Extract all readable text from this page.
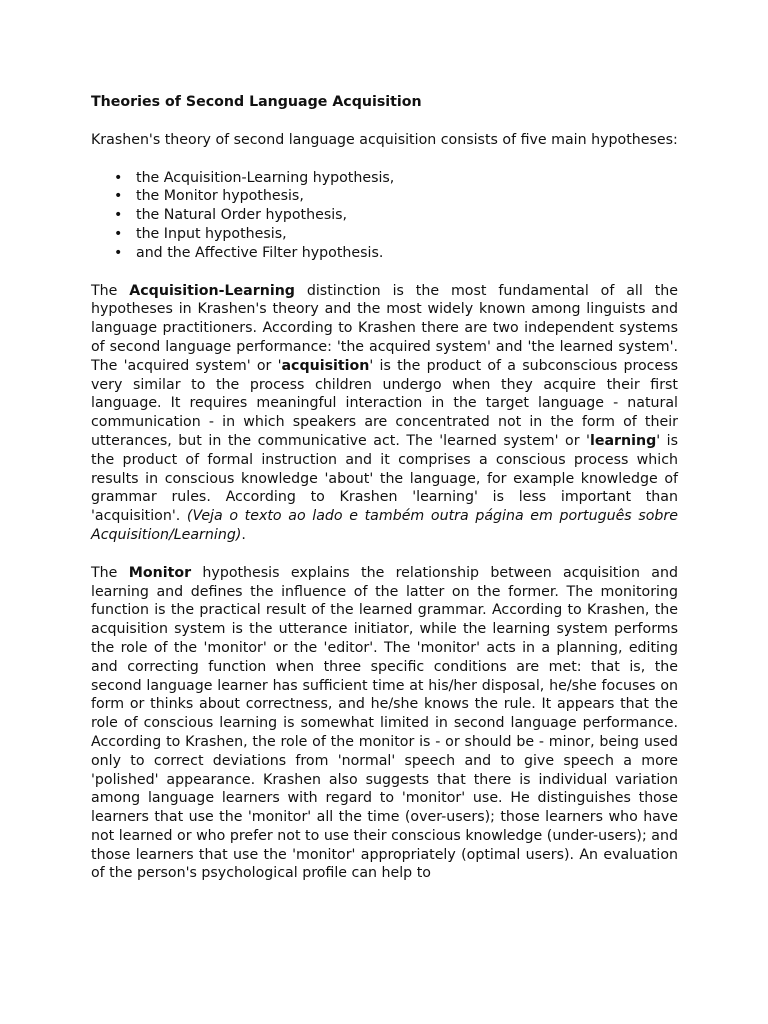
Theories of Second Language Acquisition

Krashen's theory of second language acquisition consists of five main hypotheses:

• the Acquisition-Learning hypothesis,
• the Monitor hypothesis,
• the Natural Order hypothesis,
• the Input hypothesis,
• and the Affective Filter hypothesis.

The Acquisition-Learning distinction is the most fundamental of all the hypotheses in Krashen's theory and the most widely known among linguists and language practitioners. According to Krashen there are two independent systems of second language performance: 'the acquired system' and 'the learned system'. The 'acquired system' or 'acquisition' is the product of a subconscious process very similar to the process children undergo when they acquire their first language. It requires meaningful interaction in the target language - natural communication - in which speakers are concentrated not in the form of their utterances, but in the communicative act. The 'learned system' or 'learning' is the product of formal instruction and it comprises a conscious process which results in conscious knowledge 'about' the language, for example knowledge of grammar rules. According to Krashen 'learning' is less important than 'acquisition'. (Veja o texto ao lado e também outra página em português sobre Acquisition/Learning).

The Monitor hypothesis explains the relationship between acquisition and learning and defines the influence of the latter on the former. The monitoring function is the practical result of the learned grammar. According to Krashen, the acquisition system is the utterance initiator, while the learning system performs the role of the 'monitor' or the 'editor'. The 'monitor' acts in a planning, editing and correcting function when three specific conditions are met: that is, the second language learner has sufficient time at his/her disposal, he/she focuses on form or thinks about correctness, and he/she knows the rule. It appears that the role of conscious learning is somewhat limited in second language performance. According to Krashen, the role of the monitor is - or should be - minor, being used only to correct deviations from 'normal' speech and to give speech a more 'polished' appearance. Krashen also suggests that there is individual variation among language learners with regard to 'monitor' use. He distinguishes those learners that use the 'monitor' all the time (over-users); those learners who have not learned or who prefer not to use their conscious knowledge (under-users); and those learners that use the 'monitor' appropriately (optimal users). An evaluation of the person's psychological profile can help to
